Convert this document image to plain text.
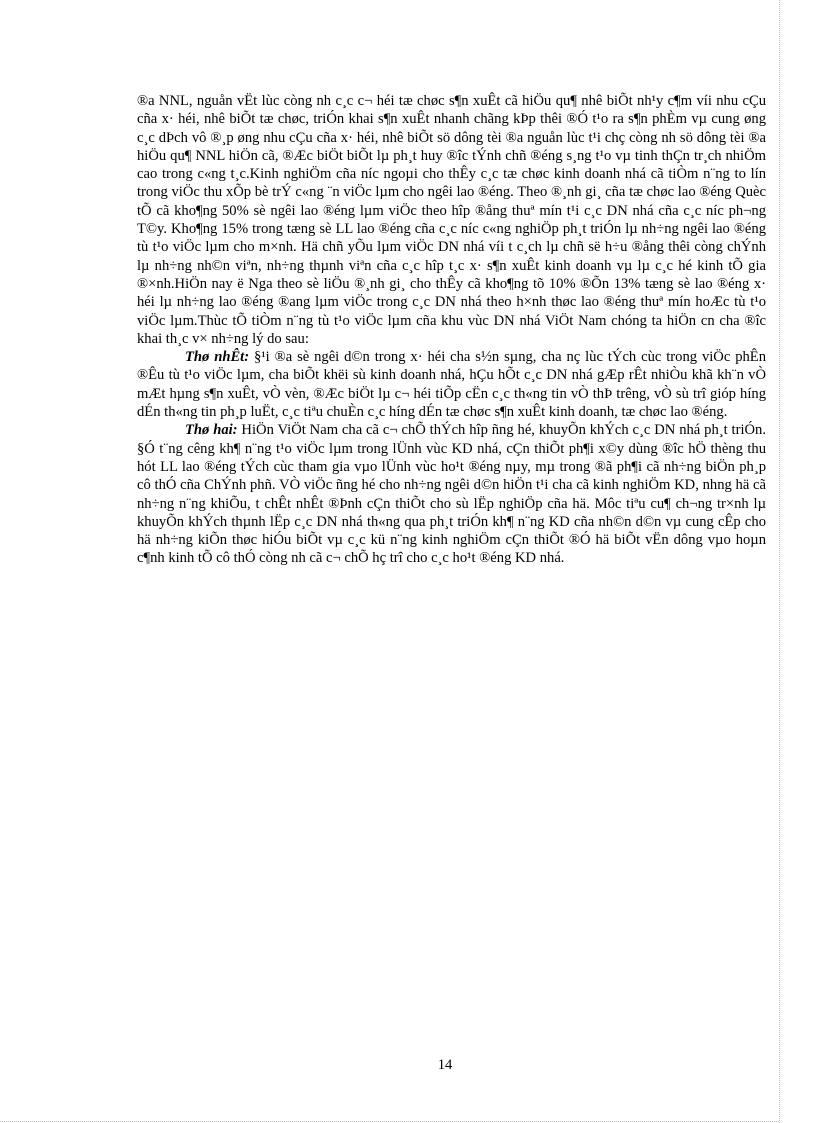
®a NNL, nguån vËt lùc còng nh c¸c c¬ héi tæ chøc s¶n xuÊt cã hiÖu qu¶ nhê biÕt nh¹y c¶m víi nhu cÇu cña x· héi, nhê biÕt tæ chøc, triÓn khai s¶n xuÊt nhanh chãng kÞp thêi ®Ó t¹o ra s¶n phÈm vµ cung øng c¸c dÞch vô ®¸p øng nhu cÇu cña x· héi, nhê biÕt sö dông tèi ®a nguån lùc t¹i chç còng nh sö dông tèi ®a hiÖu qu¶ NNL hiÖn cã, ®Æc biÖt biÕt lµ ph¸t huy ®îc tÝnh chñ ®éng s¸ng t¹o vµ tinh thÇn tr¸ch nhiÖm cao trong c«ng t¸c.Kinh nghiÖm cña níc ngoµi cho thÊy c¸c tæ chøc kinh doanh nhá cã tiÒm n¨ng to lín trong viÖc thu xÕp bè trÝ c«ng ¨n viÖc lµm cho ngêi lao ®éng. Theo ®¸nh gi¸ cña tæ chøc lao ®éng Quèc tÕ cã kho¶ng 50% sè ngêi lao ®éng lµm viÖc theo hîp ®ång thuª mín t¹i c¸c DN nhá cña c¸c níc ph¬ng T©y. Kho¶ng 15% trong tæng sè LL lao ®éng cña c¸c níc c«ng nghiÖp ph¸t triÓn lµ nh÷ng ngêi lao ®éng tù t¹o viÖc lµm cho m×nh. Hä chñ yÕu lµm viÖc DN nhá víi t c¸ch lµ chñ së h÷u ®ång thêi còng chÝnh lµ nh÷ng nh©n viªn, nh÷ng thµnh viªn cña c¸c hîp t¸c x· s¶n xuÊt kinh doanh vµ lµ c¸c hé kinh tÕ gia ®×nh.HiÖn nay ë Nga theo sè liÖu ®¸nh gi¸ cho thÊy cã kho¶ng tõ 10% ®Õn 13% tæng sè lao ®éng x· héi lµ nh÷ng lao ®éng ®ang lµm viÖc trong c¸c DN nhá theo h×nh thøc lao ®éng thuª mín hoÆc tù t¹o viÖc lµm.Thùc tÕ tiÒm n¨ng tù t¹o viÖc lµm cña khu vùc DN nhá ViÖt Nam chóng ta hiÖn cn cha ®îc khai th¸c v× nh÷ng lý do sau:

Thø nhÊt: §¹i ®a sè ngêi d©n trong x· héi cha s½n sµng, cha nç lùc tÝch cùc trong viÖc phÊn ®Êu tù t¹o viÖc lµm, cha biÕt khëi sù kinh doanh nhá, hÇu hÕt c¸c DN nhá gÆp rÊt nhiÒu khã kh¨n vÒ mÆt hµng s¶n xuÊt, vÒ vèn, ®Æc biÖt lµ c¬ héi tiÕp cËn c¸c th«ng tin vÒ thÞ trêng, vÒ sù trî gióp híng dÉn th«ng tin ph¸p luËt, c¸c tiªu chuÈn c¸c híng dÉn tæ chøc s¶n xuÊt kinh doanh, tæ chøc lao ®éng.

Thø hai: HiÖn ViÖt Nam cha cã c¬ chÕ thÝch hîp ñng hé, khuyÕn khÝch c¸c DN nhá ph¸t triÓn. §Ó t¨ng cêng kh¶ n¨ng t¹o viÖc lµm trong lÜnh vùc KD nhá, cÇn thiÕt ph¶i x©y dùng ®îc hÖ thèng thu hót LL lao ®éng tÝch cùc tham gia vµo lÜnh vùc ho¹t ®éng nµy, mµ trong ®ã ph¶i cã nh÷ng biÖn ph¸p cô thÓ cña ChÝnh phñ. VÒ viÖc ñng hé cho nh÷ng ngêi d©n hiÖn t¹i cha cã kinh nghiÖm KD, nhng hä cã nh÷ng n¨ng khiÕu, t chÊt nhÊt ®Þnh cÇn thiÕt cho sù lËp nghiÖp cña hä. Môc tiªu cu¶ ch¬ng tr×nh lµ khuyÕn khÝch thµnh lËp c¸c DN nhá th«ng qua ph¸t triÓn kh¶ n¨ng KD cña nh©n d©n vµ cung cÊp cho hä nh÷ng kiÕn thøc hiÓu biÕt vµ c¸c kü n¨ng kinh nghiÖm cÇn thiÕt ®Ó hä biÕt vËn dông vµo hoµn c¶nh kinh tÕ cô thÓ còng nh cã c¬ chÕ hç trî cho c¸c ho¹t ®éng KD nhá.

14
